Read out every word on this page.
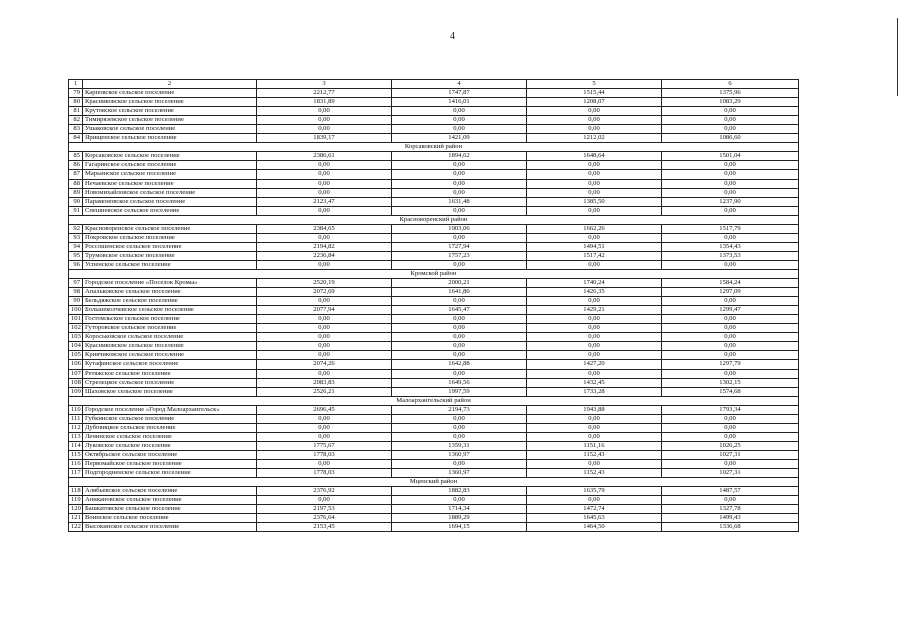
4
1	2	3	4	5	6
79	Карповское сельское поселение	2212,77	1747,87	1515,44	1375,96
80	Красниковское сельское поселение	1831,89	1416,01	1208,07	1083,29
81	Крутовское сельское поселение	0,00	0,00	0,00	0,00
82	Тимирязевское сельское поселение	0,00	0,00	0,00	0,00
83	Ушаковское сельское поселение	0,00	0,00	0,00	0,00
84	Ярищенское сельское поселение	1839,17	1421,09	1212,02	1086,60
Корсаковский район					
85	Корсаковское сельское поселение	2386,61	1894,62	1648,64	1501,04
86	Гагаринское сельское поселение	0,00	0,00	0,00	0,00
87	Марьинское сельское поселение	0,00	0,00	0,00	0,00
88	Нечаевское сельское поселение	0,00	0,00	0,00	0,00
89	Новомихайловское сельское поселение	0,00	0,00	0,00	0,00
90	Парамоновское сельское поселение	2123,47	1631,48	1385,50	1237,90
91	Спешневское сельское поселение	0,00	0,00	0,00	0,00
Красноворенский район					
92	Красноворенское сельское поселение	2384,65	1903,06	1662,26	1517,79
93	Покровское сельское поселение	0,00	0,00	0,00	0,00
94	Россошенское сельское поселение	2194,82	1727,94	1494,51	1354,43
95	Трумовское сельское поселение	2236,84	1757,23	1517,42	1373,53
96	Успенское сельское поселение	0,00	0,00	0,00	0,00
Кромской район					
97	Городское поселение «Поселок Кромы»	2520,19	2000,21	1740,24	1584,24
98	Апальковское сельское поселение	2072,69	1641,80	1426,35	1297,09
99	Бельдяжское сельское поселение	0,00	0,00	0,00	0,00
100	Большеколчевское сельское поселение	2077,94	1645,47	1429,21	1299,47
101	Гостомльское сельское поселение	0,00	0,00	0,00	0,00
102	Гуторовское сельское поселение	0,00	0,00	0,00	0,00
103	Короськовское сельское поселение	0,00	0,00	0,00	0,00
104	Красниковское сельское поселение	0,00	0,00	0,00	0,00
105	Кривчиковское сельское поселение	0,00	0,00	0,00	0,00
106	Кутафинское сельское поселение	2074,26	1642,88	1427,20	1297,79
107	Ретяжское сельское поселение	0,00	0,00	0,00	0,00
108	Стрелецкое сельское поселение	2083,83	1649,56	1432,45	1302,15
109	Шаховское сельское поселение	2526,21	1997,59	1733,28	1574,68
Малоархангельский район					
110	Городское поселение «Город Малоархангельск»	2696,45	2194,73	1943,88	1793,34
111	Губкинское сельское поселение	0,00	0,00	0,00	0,00
112	Дубовицкое сельское поселение	0,00	0,00	0,00	0,00
113	Ленинское сельское поселение	0,00	0,00	0,00	0,00
114	Луковское сельское поселение	1775,67	1359,31	1151,16	1026,25
115	Октябрьское сельское поселение	1778,03	1360,97	1152,43	1027,31
116	Первомайское сельское поселение	0,00	0,00	0,00	0,00
117	Подгородненское сельское поселение	1778,03	1360,97	1152,43	1027,31
Мценский район					
118	Алябьевское сельское поселение	2376,92	1882,83	1635,79	1487,57
119	Аникановское сельское поселение	0,00	0,00	0,00	0,00
120	Башкатовское сельское поселение	2197,53	1714,34	1472,74	1327,78
121	Воинское сельское поселение	2376,64	1889,29	1645,63	1499,43
122	Высокинское сельское поселение	2153,45	1694,15	1464,50	1336,68
